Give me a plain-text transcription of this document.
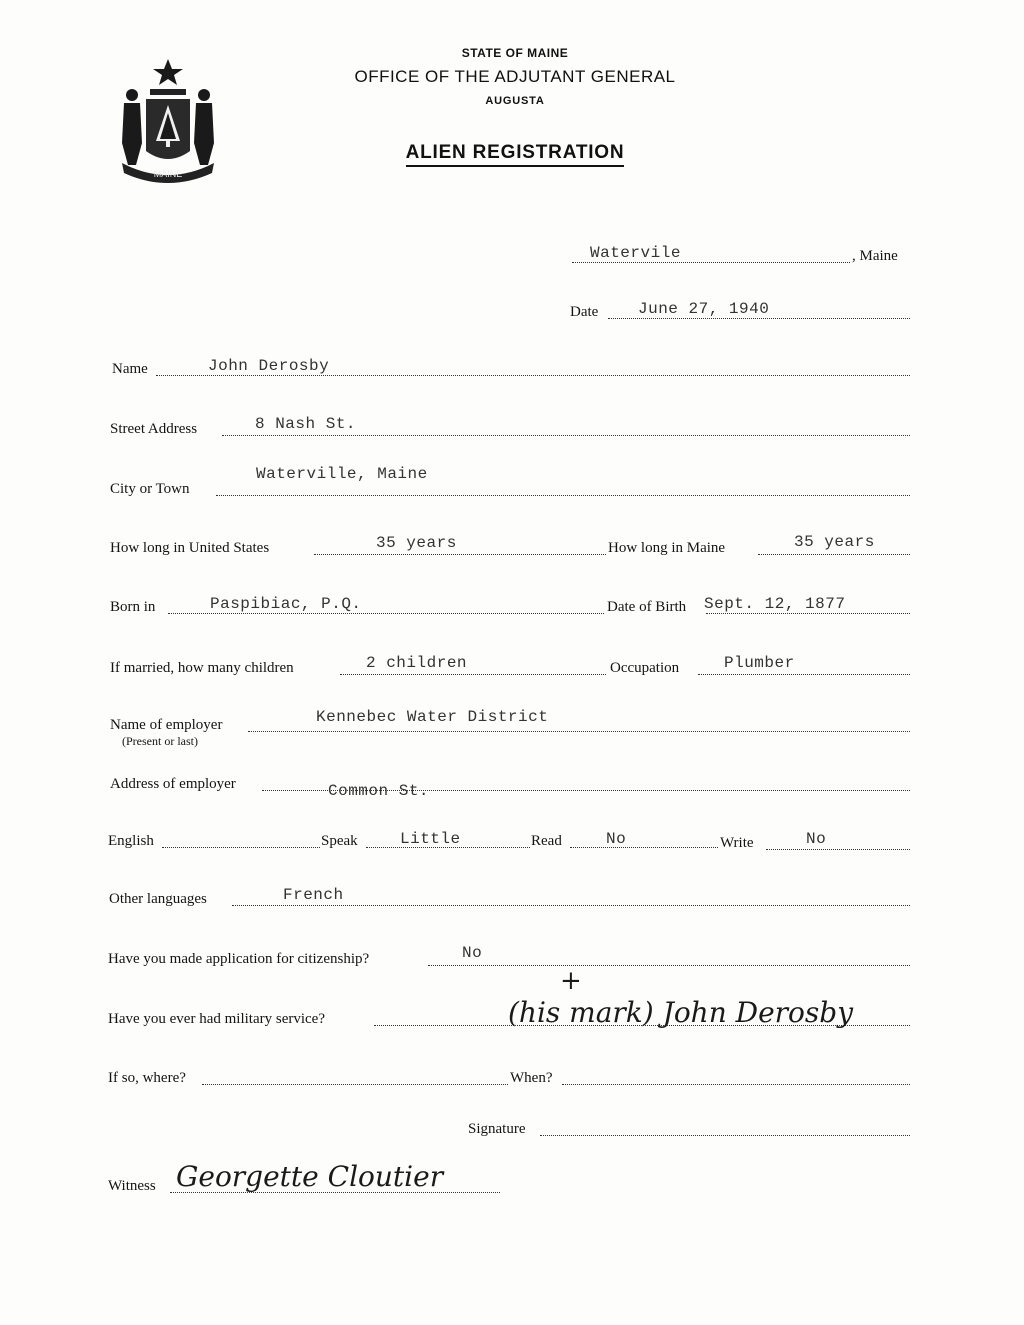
MAINE
STATE OF MAINE
OFFICE OF THE ADJUTANT GENERAL
AUGUSTA
ALIEN REGISTRATION
Watervile	, Maine
Date June 27, 1940
Name	John Derosby
Street Address	8 Nash St.
City or Town
Waterville, Maine
How long in United States	35 years	How long in Maine	35 years
Born in	Paspibiac, P.Q.	Date of Birth Sept. 12, 1877
If married, how many children	2 children	Occupation	Plumber
Name of employer
(Present or last)
Kennebec Water District
Address of employer	Common St.
English	Speak	Little	Read	No	Write	No
Other languages	French
Have you made application for citizenship?	No
Have you ever had military service?	(his mark) John Derosby
+
If so, where?	When?
Signature
Witness Georgette Cloutier
